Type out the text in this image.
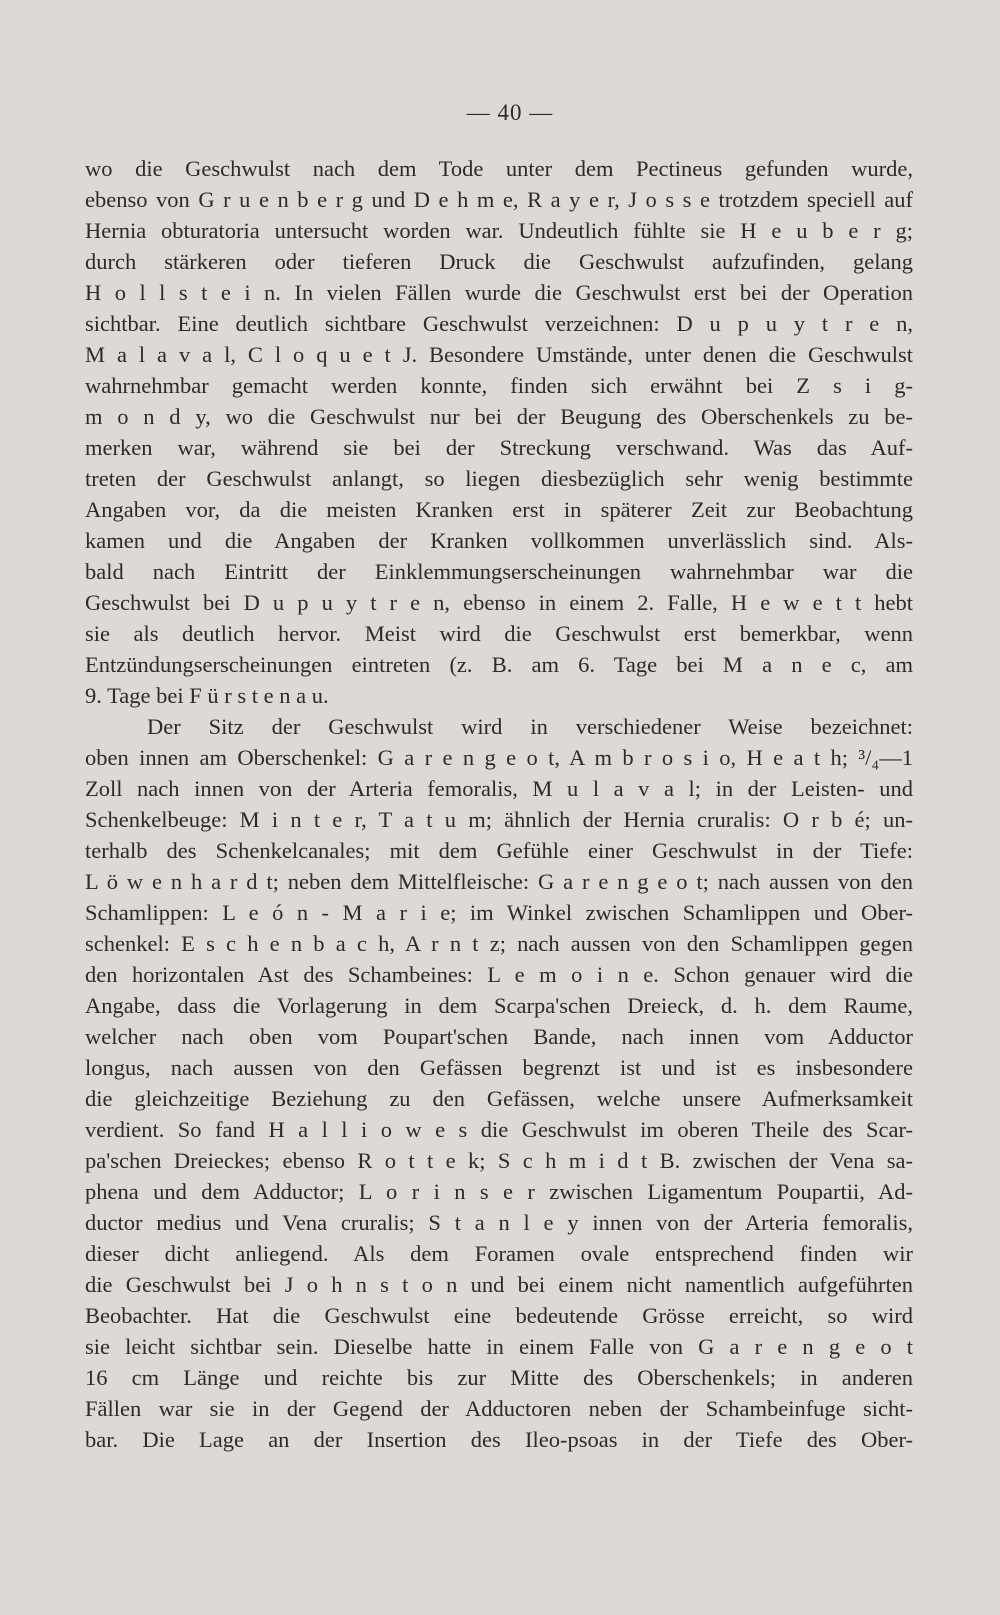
— 40 —
wo die Geschwulst nach dem Tode unter dem Pectineus gefunden wurde,
ebenso von G r u e n b e r g und D e h m e, R a y e r, J o s s e trotzdem speciell auf
Hernia obturatoria untersucht worden war. Undeutlich fühlte sie H e u b e r g;
durch stärkeren oder tieferen Druck die Geschwulst aufzufinden, gelang
H o l l s t e i n. In vielen Fällen wurde die Geschwulst erst bei der Operation
sichtbar. Eine deutlich sichtbare Geschwulst verzeichnen: D u p u y t r e n,
M a l a v a l, C l o q u e t J. Besondere Umstände, unter denen die Geschwulst
wahrnehmbar gemacht werden konnte, finden sich erwähnt bei Z s i g-
m o n d y, wo die Geschwulst nur bei der Beugung des Oberschenkels zu be-
merken war, während sie bei der Streckung verschwand. Was das Auf-
treten der Geschwulst anlangt, so liegen diesbezüglich sehr wenig bestimmte
Angaben vor, da die meisten Kranken erst in späterer Zeit zur Beobachtung
kamen und die Angaben der Kranken vollkommen unverlässlich sind. Als-
bald nach Eintritt der Einklemmungserscheinungen wahrnehmbar war die
Geschwulst bei D u p u y t r e n, ebenso in einem 2. Falle, H e w e t t hebt
sie als deutlich hervor. Meist wird die Geschwulst erst bemerkbar, wenn
Entzündungserscheinungen eintreten (z. B. am 6. Tage bei M a n e c, am
9. Tage bei F ü r s t e n a u.
Der Sitz der Geschwulst wird in verschiedener Weise bezeichnet:
oben innen am Oberschenkel: G a r e n g e o t, A m b r o s i o, H e a t h; ³/₄—1
Zoll nach innen von der Arteria femoralis, M u l a v a l; in der Leisten- und
Schenkelbeuge: M i n t e r, T a t u m; ähnlich der Hernia cruralis: O r b é; un-
terhalb des Schenkelcanales; mit dem Gefühle einer Geschwulst in der Tiefe:
L ö w e n h a r d t; neben dem Mittelfleische: G a r e n g e o t; nach aussen von den
Schamlippen: L e ó n - M a r i e; im Winkel zwischen Schamlippen und Ober-
schenkel: E s c h e n b a c h, A r n t z; nach aussen von den Schamlippen gegen
den horizontalen Ast des Schambeines: L e m o i n e. Schon genauer wird die
Angabe, dass die Vorlagerung in dem Scarpa'schen Dreieck, d. h. dem Raume,
welcher nach oben vom Poupart'schen Bande, nach innen vom Adductor
longus, nach aussen von den Gefässen begrenzt ist und ist es insbesondere
die gleichzeitige Beziehung zu den Gefässen, welche unsere Aufmerksamkeit
verdient. So fand H a l l i o w e s die Geschwulst im oberen Theile des Scar-
pa'schen Dreieckes; ebenso R o t t e k; S c h m i d t B. zwischen der Vena sa-
phena und dem Adductor; L o r i n s e r zwischen Ligamentum Poupartii, Ad-
ductor medius und Vena cruralis; S t a n l e y innen von der Arteria femoralis,
dieser dicht anliegend. Als dem Foramen ovale entsprechend finden wir
die Geschwulst bei J o h n s t o n und bei einem nicht namentlich aufgeführten
Beobachter. Hat die Geschwulst eine bedeutende Grösse erreicht, so wird
sie leicht sichtbar sein. Dieselbe hatte in einem Falle von G a r e n g e o t
16 cm Länge und reichte bis zur Mitte des Oberschenkels; in anderen
Fällen war sie in der Gegend der Adductoren neben der Schambeinfuge sicht-
bar. Die Lage an der Insertion des Ileo-psoas in der Tiefe des Ober-
